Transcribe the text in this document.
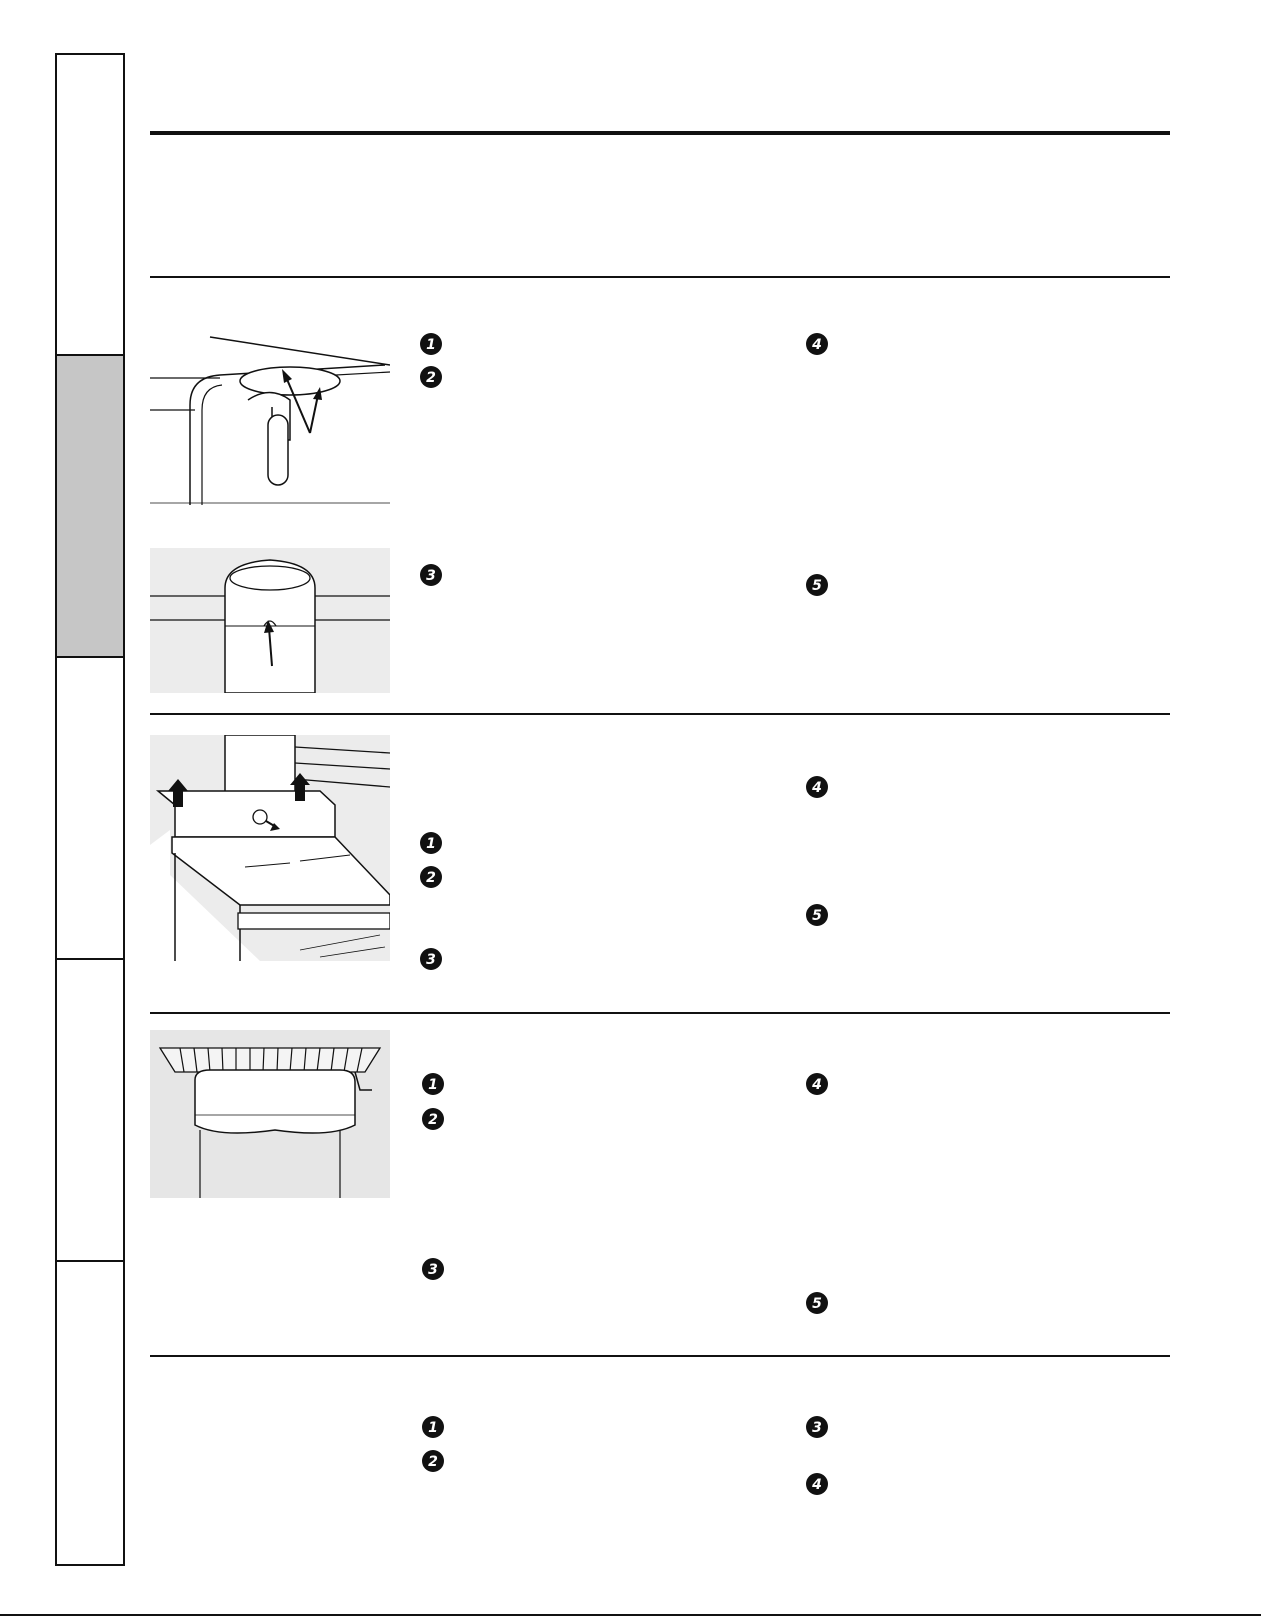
1
2
3
4
5
1
2
3
4
5
1
2
3
4
5
1
2
3
4
